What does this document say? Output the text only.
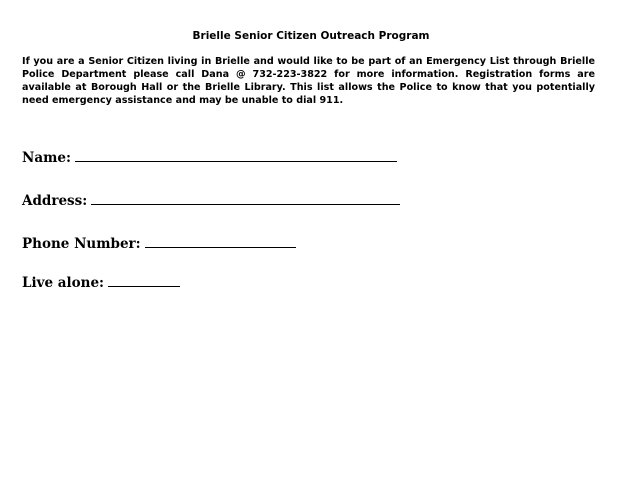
Brielle Senior Citizen Outreach Program

If you are a Senior Citizen living in Brielle and would like to be part of an Emergency List through Brielle Police Department please call Dana @ 732-223-3822 for more information. Registration forms are available at Borough Hall or the Brielle Library. This list allows the Police to know that you potentially need emergency assistance and may be unable to dial 911.

Name:
Address:
Phone Number:
Live alone:
